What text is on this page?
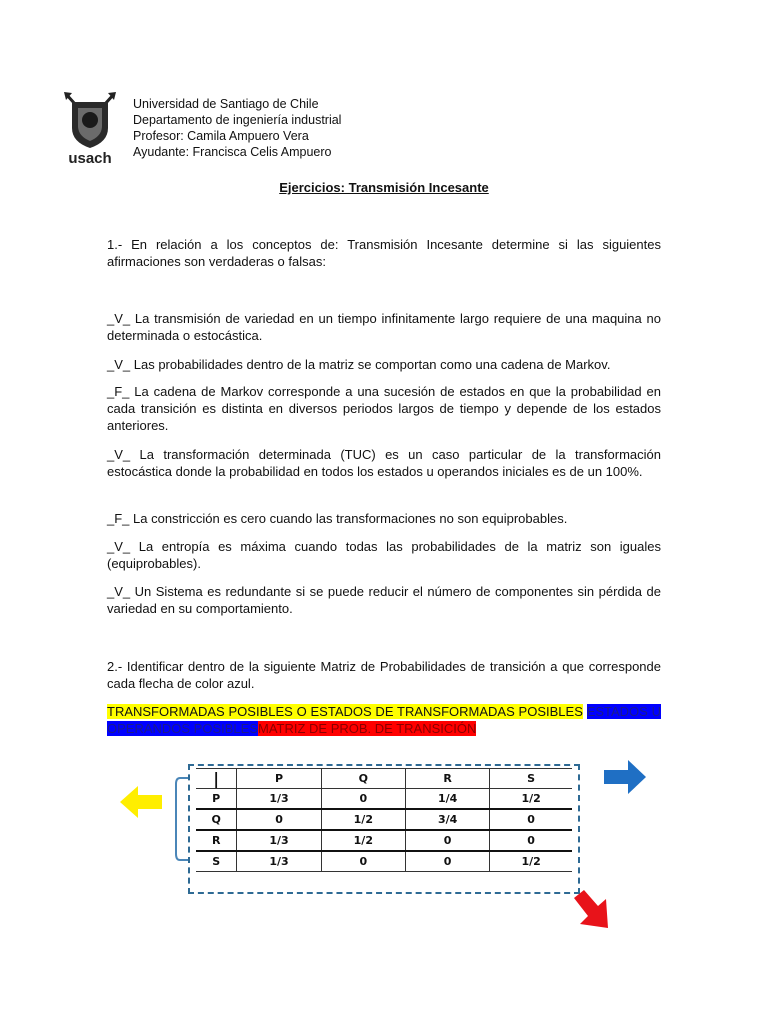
usach
Universidad de Santiago de Chile
Departamento de ingeniería industrial
Profesor: Camila Ampuero Vera
Ayudante: Francisca Celis Ampuero
Ejercicios: Transmisión Incesante
1.- En relación a los conceptos de: Transmisión Incesante determine si las siguientes afirmaciones son verdaderas o falsas:
_V_ La transmisión de variedad en un tiempo infinitamente largo requiere de una maquina no determinada o estocástica.
_V_ Las probabilidades dentro de la matriz se comportan como una cadena de Markov.
_F_ La cadena de Markov corresponde a una sucesión de estados en que la probabilidad en cada transición es distinta en diversos periodos largos de tiempo y depende de los estados anteriores.
_V_ La transformación determinada (TUC) es un caso particular de la transformación estocástica donde la probabilidad en todos los estados u operandos iniciales es de un 100%.
_F_ La constricción es cero cuando las transformaciones no son equiprobables.
_V_ La entropía es máxima cuando todas las probabilidades de la matriz son iguales (equiprobables).
_V_ Un Sistema es redundante si se puede reducir el número de componentes sin pérdida de variedad en su comportamiento.
2.- Identificar dentro de la siguiente Matriz de Probabilidades de transición a que corresponde cada flecha de color azul.
TRANSFORMADAS POSIBLES O ESTADOS DE TRANSFORMADAS POSIBLES ESTADOS U OPERANDOS POSIBLESMATRIZ DE PROB. DE TRANSICIÓN
|	P	Q	R	S
P	1/3	0	1/4	1/2
Q	0	1/2	3/4	0
R	1/3	1/2	0	0
S	1/3	0	0	1/2
